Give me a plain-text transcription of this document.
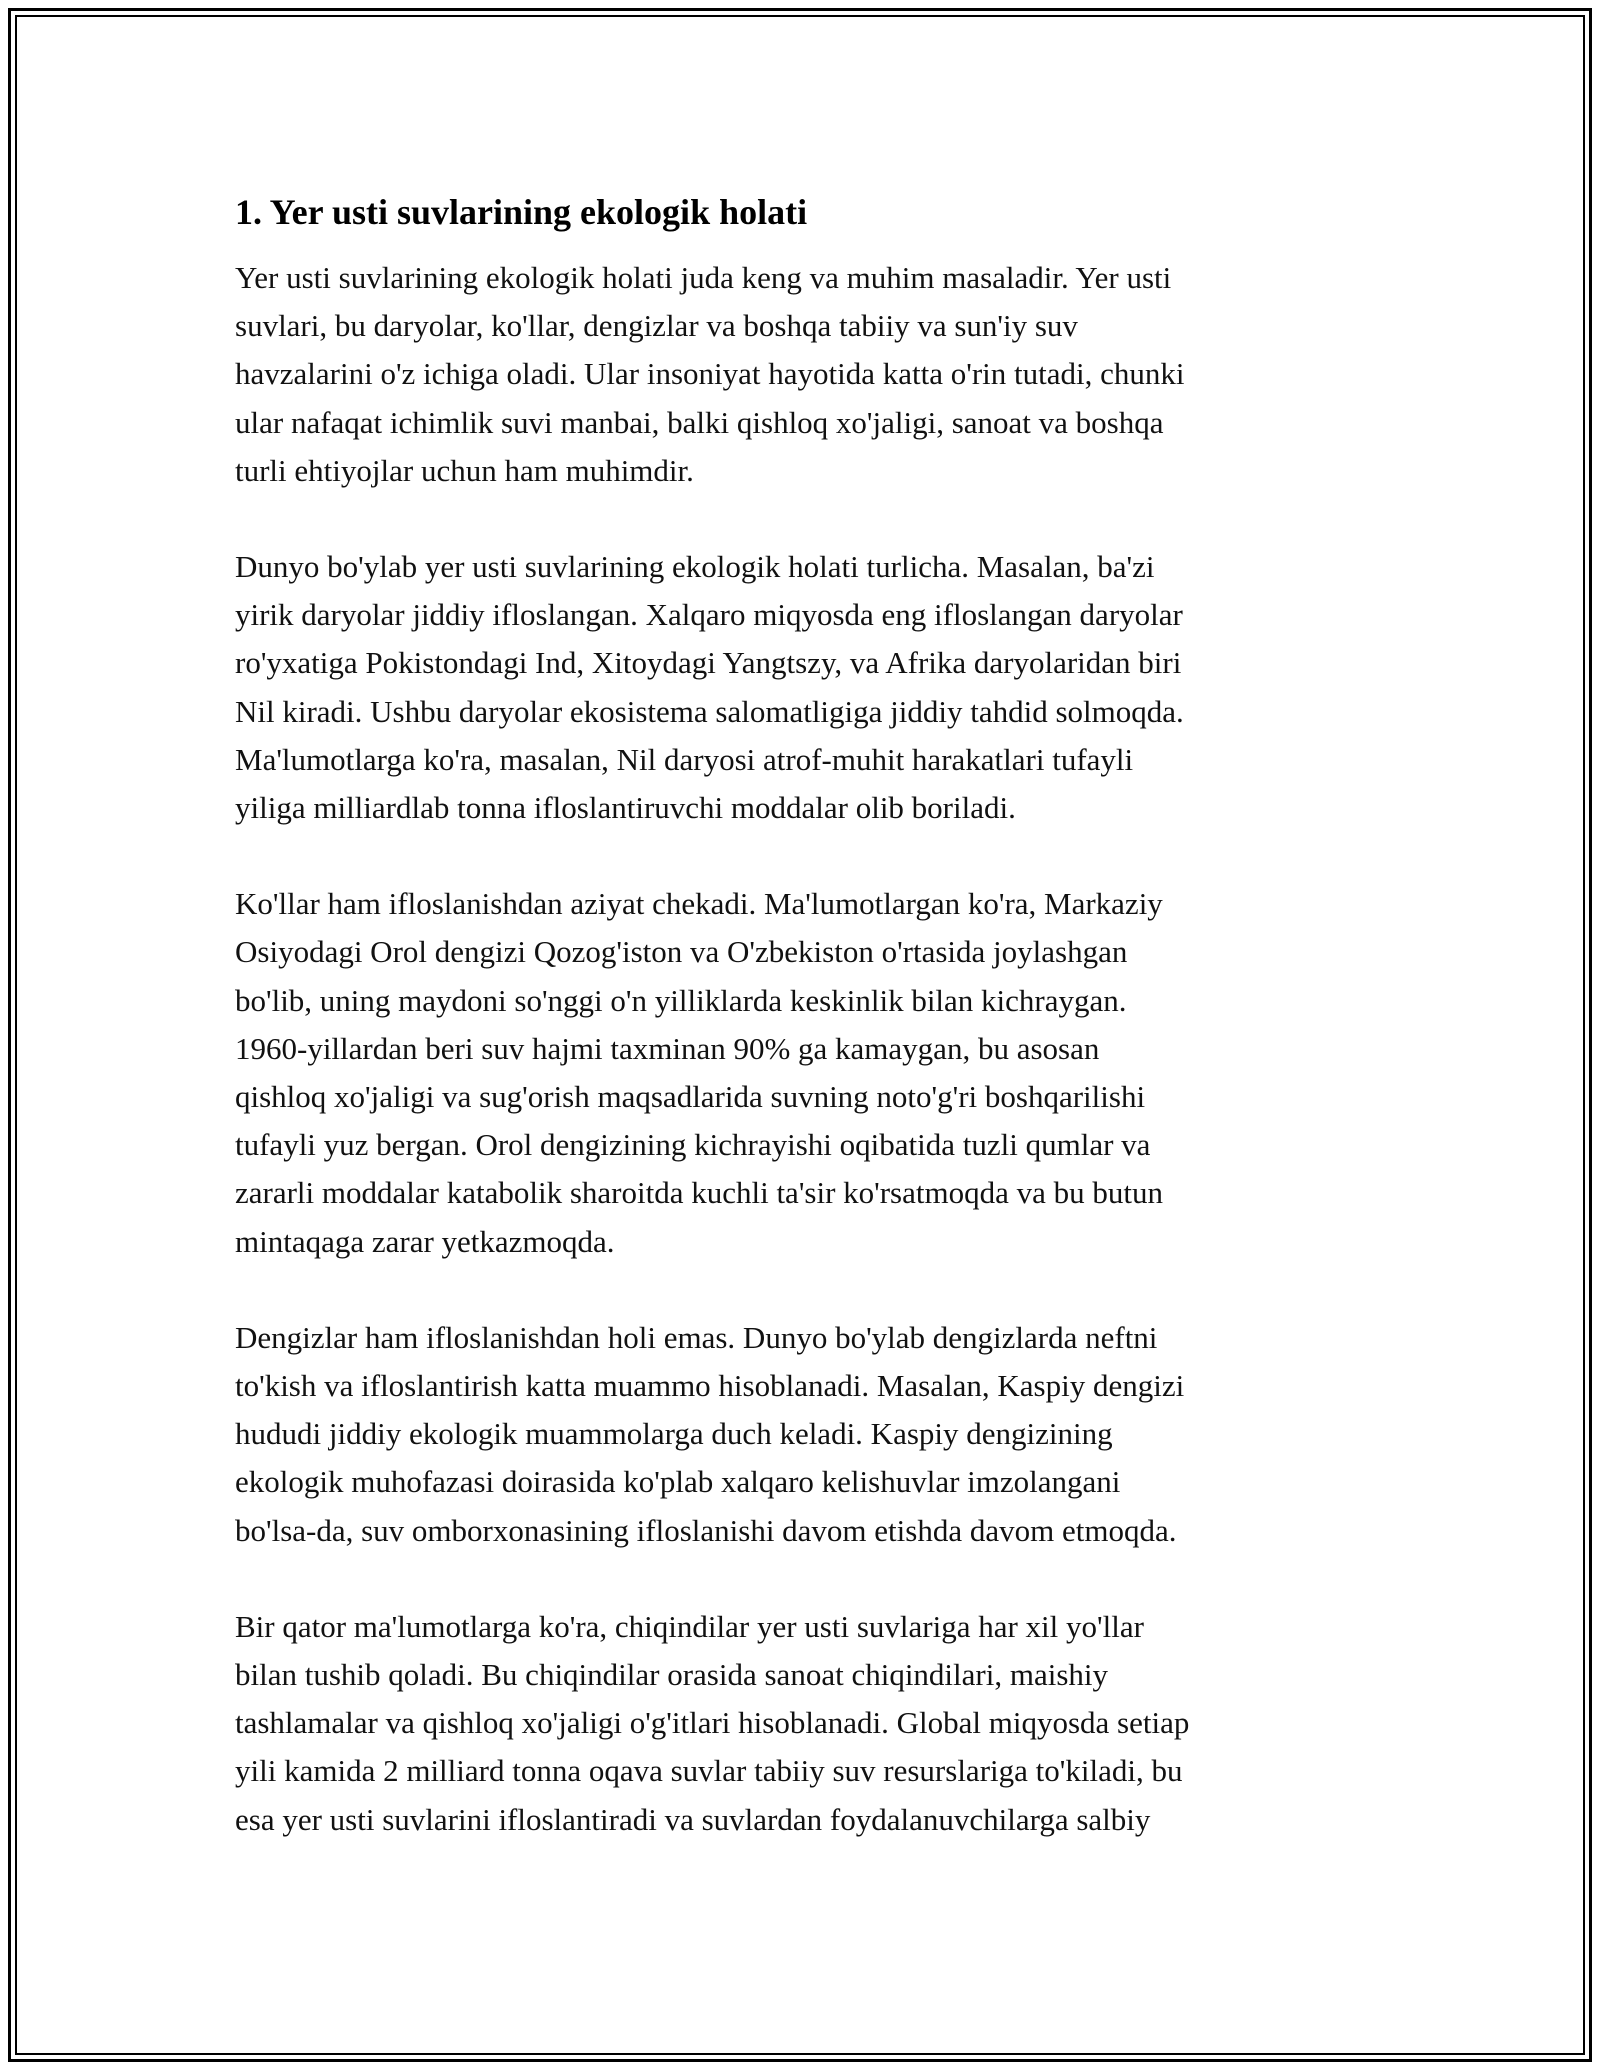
1. Yer usti suvlarining ekologik holati

Yer usti suvlarining ekologik holati juda keng va muhim masaladir. Yer usti
suvlari, bu daryolar, ko'llar, dengizlar va boshqa tabiiy va sun'iy suv
havzalarini o'z ichiga oladi. Ular insoniyat hayotida katta o'rin tutadi, chunki
ular nafaqat ichimlik suvi manbai, balki qishloq xo'jaligi, sanoat va boshqa
turli ehtiyojlar uchun ham muhimdir.

Dunyo bo'ylab yer usti suvlarining ekologik holati turlicha. Masalan, ba'zi
yirik daryolar jiddiy ifloslangan. Xalqaro miqyosda eng ifloslangan daryolar
ro'yxatiga Pokistondagi Ind, Xitoydagi Yangtszy, va Afrika daryolaridan biri
Nil kiradi. Ushbu daryolar ekosistema salomatligiga jiddiy tahdid solmoqda.
Ma'lumotlarga ko'ra, masalan, Nil daryosi atrof-muhit harakatlari tufayli
yiliga milliardlab tonna ifloslantiruvchi moddalar olib boriladi.

Ko'llar ham ifloslanishdan aziyat chekadi. Ma'lumotlargan ko'ra, Markaziy
Osiyodagi Orol dengizi Qozog'iston va O'zbekiston o'rtasida joylashgan
bo'lib, uning maydoni so'nggi o'n yilliklarda keskinlik bilan kichraygan.
1960-yillardan beri suv hajmi taxminan 90% ga kamaygan, bu asosan
qishloq xo'jaligi va sug'orish maqsadlarida suvning noto'g'ri boshqarilishi
tufayli yuz bergan. Orol dengizining kichrayishi oqibatida tuzli qumlar va
zararli moddalar katabolik sharoitda kuchli ta'sir ko'rsatmoqda va bu butun
mintaqaga zarar yetkazmoqda.

Dengizlar ham ifloslanishdan holi emas. Dunyo bo'ylab dengizlarda neftni
to'kish va ifloslantirish katta muammo hisoblanadi. Masalan, Kaspiy dengizi
hududi jiddiy ekologik muammolarga duch keladi. Kaspiy dengizining
ekologik muhofazasi doirasida ko'plab xalqaro kelishuvlar imzolangani
bo'lsa-da, suv omborxonasining ifloslanishi davom etishda davom etmoqda.

Bir qator ma'lumotlarga ko'ra, chiqindilar yer usti suvlariga har xil yo'llar
bilan tushib qoladi. Bu chiqindilar orasida sanoat chiqindilari, maishiy
tashlamalar va qishloq xo'jaligi o'g'itlari hisoblanadi. Global miqyosda setiap
yili kamida 2 milliard tonna oqava suvlar tabiiy suv resurslariga to'kiladi, bu
esa yer usti suvlarini ifloslantiradi va suvlardan foydalanuvchilarga salbiy
